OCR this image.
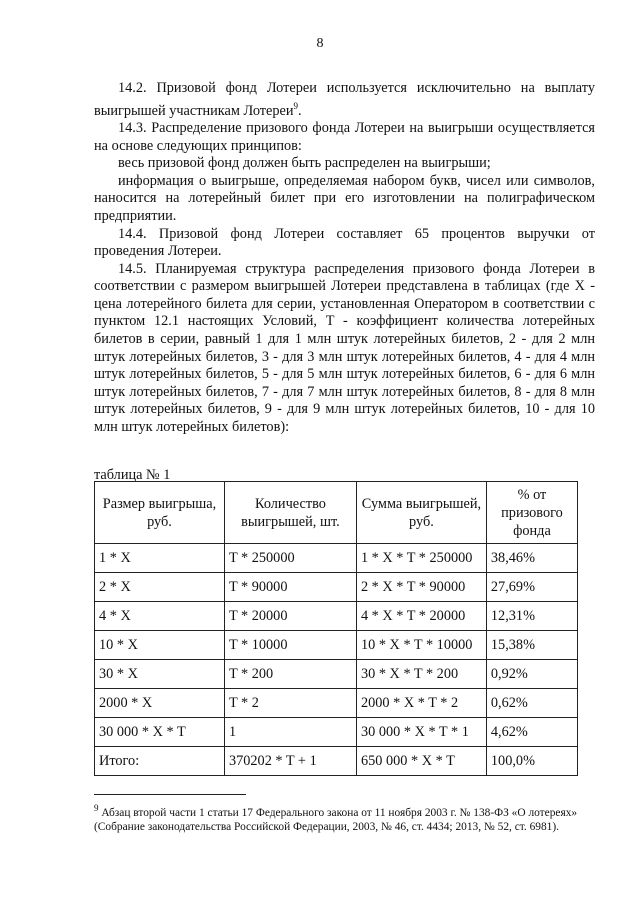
8

14.2. Призовой фонд Лотереи используется исключительно на выплату выигрышей участникам Лотереи$^9$.

14.3. Распределение призового фонда Лотереи на выигрыши осуществляется на основе следующих принципов:

весь призовой фонд должен быть распределен на выигрыши;

информация о выигрыше, определяемая набором букв, чисел или символов, наносится на лотерейный билет при его изготовлении на полиграфическом предприятии.

14.4. Призовой фонд Лотереи составляет 65 процентов выручки от проведения Лотереи.

14.5. Планируемая структура распределения призового фонда Лотереи в соответствии с размером выигрышей Лотереи представлена в таблицах (где X - цена лотерейного билета для серии, установленная Оператором в соответствии с пунктом 12.1 настоящих Условий, T - коэффициент количества лотерейных билетов в серии, равный 1 для 1 млн штук лотерейных билетов, 2 - для 2 млн штук лотерейных билетов, 3 - для 3 млн штук лотерейных билетов, 4 - для 4 млн штук лотерейных билетов, 5 - для 5 млн штук лотерейных билетов, 6 - для 6 млн штук лотерейных билетов, 7 - для 7 млн штук лотерейных билетов, 8 - для 8 млн штук лотерейных билетов, 9 - для 9 млн штук лотерейных билетов, 10 - для 10 млн штук лотерейных билетов):

таблица № 1
Размер выигрыша, руб.	Количество выигрышей, шт.	Сумма выигрышей, руб.	% от призового фонда
1 * X	T * 250000	1 * X * T * 250000	38,46%
2 * X	T * 90000	2 * X * T * 90000	27,69%
4 * X	T * 20000	4 * X * T * 20000	12,31%
10 * X	T * 10000	10 * X * T * 10000	15,38%
30 * X	T * 200	30 * X * T * 200	0,92%
2000 * X	T * 2	2000 * X * T * 2	0,62%
30 000 * X * T	1	30 000 * X * T * 1	4,62%
Итого:	370202 * T + 1	650 000 * X * T	100,0%
$^9$ Абзац второй части 1 статьи 17 Федерального закона от 11 ноября 2003 г. № 138-ФЗ «О лотереях» (Собрание законодательства Российской Федерации, 2003, № 46, ст. 4434; 2013, № 52, ст. 6981).
